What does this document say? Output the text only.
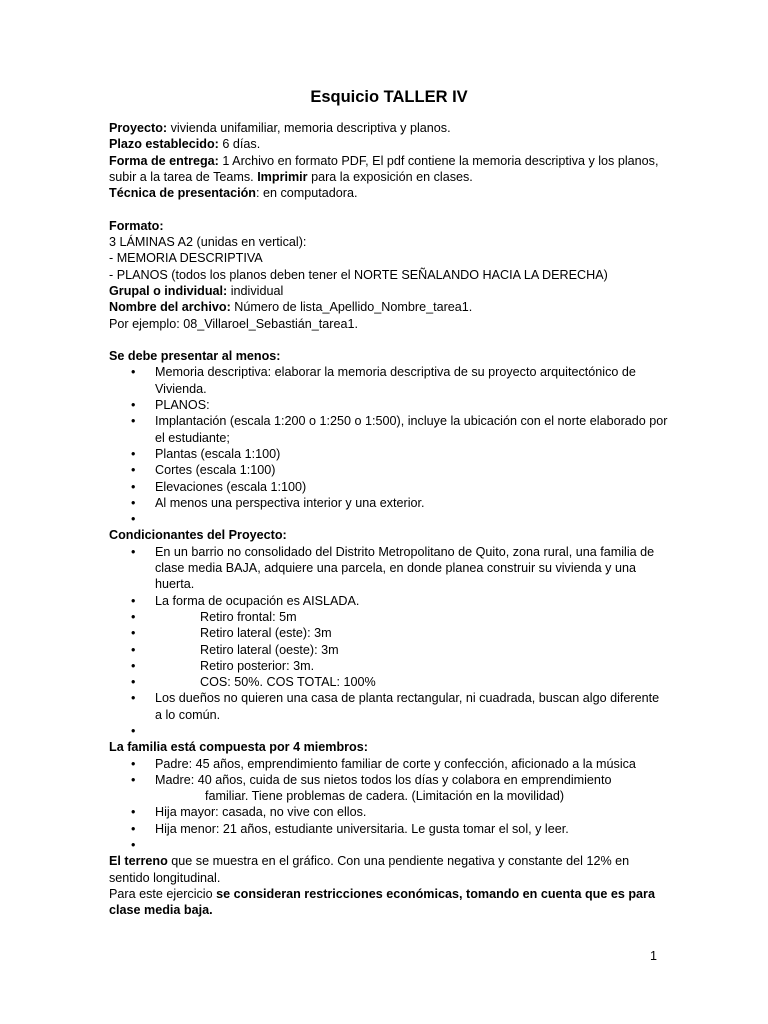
Esquicio TALLER IV
Proyecto: vivienda unifamiliar, memoria descriptiva y planos.
Plazo establecido: 6 días.
Forma de entrega: 1 Archivo en formato PDF, El pdf contiene la memoria descriptiva y los planos, subir a la tarea de Teams. Imprimir para la exposición en clases.
Técnica de presentación: en computadora.
Formato:
3 LÁMINAS A2 (unidas en vertical):
- MEMORIA DESCRIPTIVA
- PLANOS (todos los planos deben tener el NORTE SEÑALANDO HACIA LA DERECHA)
Grupal o individual: individual
Nombre del archivo: Número de lista_Apellido_Nombre_tarea1.
Por ejemplo: 08_Villaroel_Sebastián_tarea1.
Se debe presentar al menos:
• Memoria descriptiva: elaborar la memoria descriptiva de su proyecto arquitectónico de Vivienda.
• PLANOS:
• Implantación (escala 1:200 o 1:250 o 1:500), incluye la ubicación con el norte elaborado por el estudiante;
• Plantas (escala 1:100)
• Cortes (escala 1:100)
• Elevaciones (escala 1:100)
• Al menos una perspectiva interior y una exterior.
•

Condicionantes del Proyecto:
• En un barrio no consolidado del Distrito Metropolitano de Quito, zona rural, una familia de clase media BAJA, adquiere una parcela, en donde planea construir su vivienda y una huerta.
• La forma de ocupación es AISLADA.
•	Retiro frontal: 5m
•	Retiro lateral (este): 3m
•	Retiro lateral (oeste): 3m
•	Retiro posterior: 3m.
•	COS: 50%. COS TOTAL: 100%
• Los dueños no quieren una casa de planta rectangular, ni cuadrada, buscan algo diferente a lo común.
•

La familia está compuesta por 4 miembros:
• Padre: 45 años, emprendimiento familiar de corte y confección, aficionado a la música
• Madre: 40 años, cuida de sus nietos todos los días y colabora en emprendimiento
familiar. Tiene problemas de cadera. (Limitación en la movilidad)
• Hija mayor: casada, no vive con ellos.
• Hija menor: 21 años, estudiante universitaria. Le gusta tomar el sol, y leer.
•

El terreno que se muestra en el gráfico. Con una pendiente negativa y constante del 12% en sentido longitudinal.
Para este ejercicio se consideran restricciones económicas, tomando en cuenta que es para clase media baja.
1
